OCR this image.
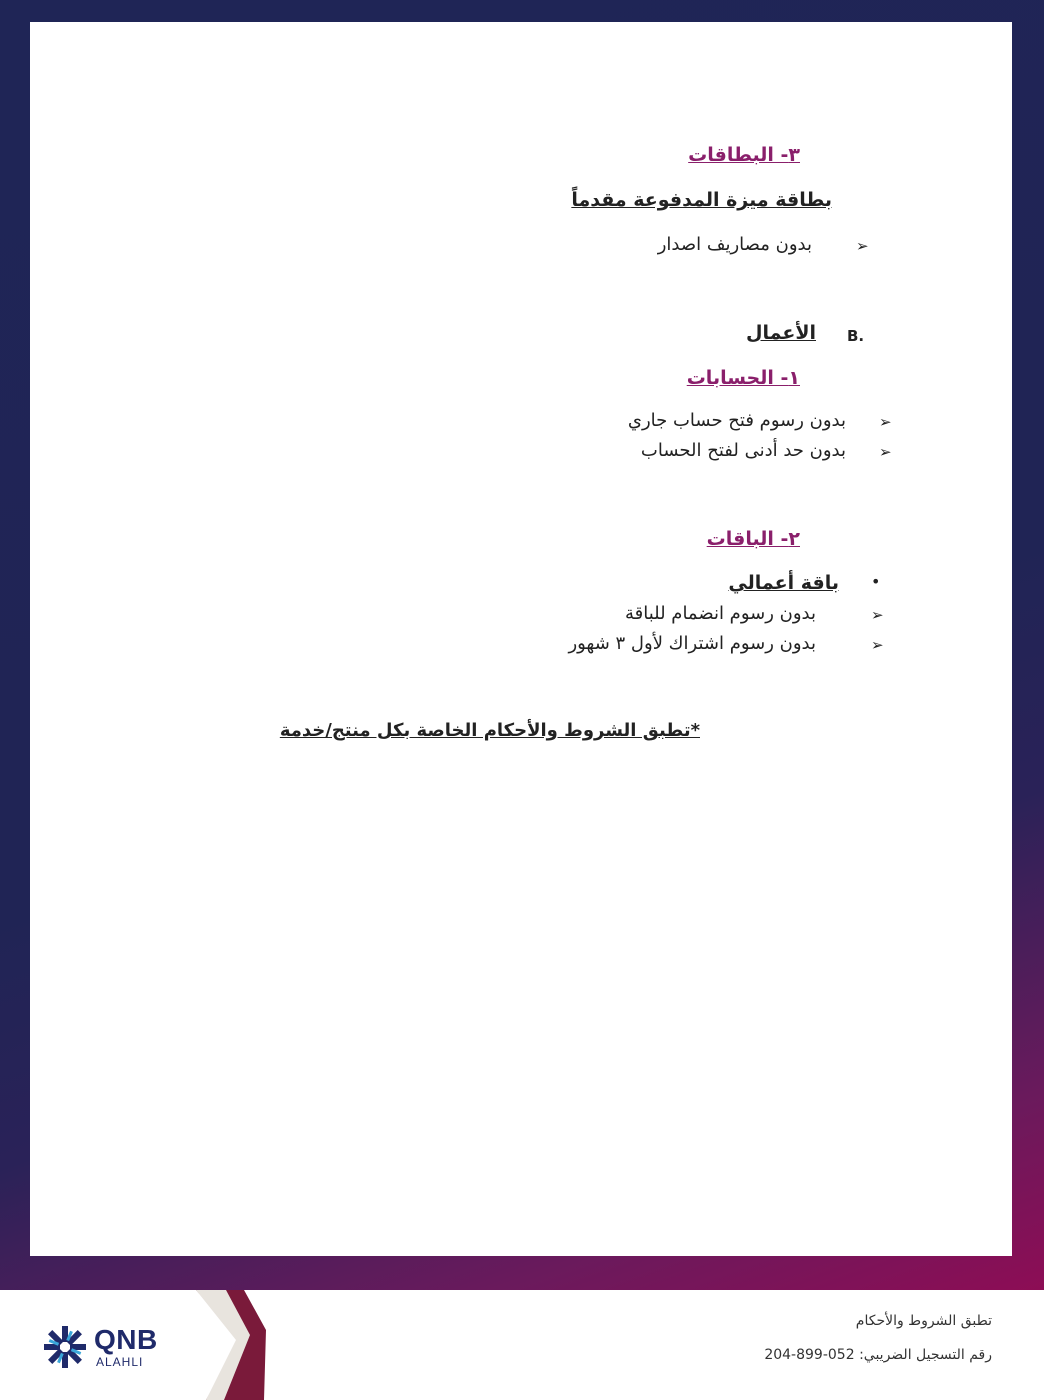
٣- البطاقات
بطاقة ميزة المدفوعة مقدماً
➢
بدون مصاريف اصدار
B.
الأعمال
١- الحسابات
➢
بدون رسوم فتح حساب جاري
➢
بدون حد أدنى لفتح الحساب
٢- الباقات
•
باقة أعمالي
➢
بدون رسوم انضمام للباقة
➢
بدون رسوم اشتراك لأول ٣ شهور
*تطبق الشروط والأحكام الخاصة بكل منتج/خدمة
QNB
ALAHLI
تطبق الشروط والأحكام
رقم التسجيل الضريبي: 204-899-052
